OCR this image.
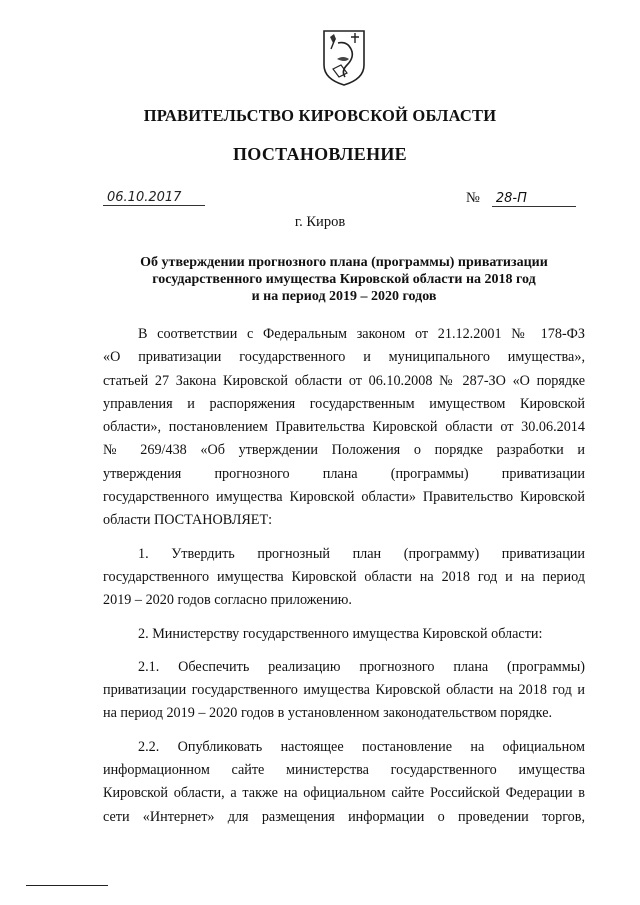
ПРАВИТЕЛЬСТВО КИРОВСКОЙ ОБЛАСТИ
ПОСТАНОВЛЕНИЕ
06.10.2017	№ 28-П
г. Киров
Об утверждении прогнозного плана (программы) приватизации
государственного имущества Кировской области на 2018 год
и на период 2019 – 2020 годов
В соответствии с Федеральным законом от 21.12.2001 № 178-ФЗ
«О приватизации государственного и муниципального имущества»,
статьей 27 Закона Кировской области от 06.10.2008 № 287-ЗО «О порядке
управления и распоряжения государственным имуществом Кировской
области», постановлением Правительства Кировской области от 30.06.2014
№ 269/438 «Об утверждении Положения о порядке разработки и
утверждения прогнозного плана (программы) приватизации
государственного имущества Кировской области» Правительство Кировской
области ПОСТАНОВЛЯЕТ:
1. Утвердить прогнозный план (программу) приватизации
государственного имущества Кировской области на 2018 год и на период
2019 – 2020 годов согласно приложению.
2. Министерству государственного имущества Кировской области:
2.1. Обеспечить реализацию прогнозного плана (программы)
приватизации государственного имущества Кировской области на 2018 год и
на период 2019 – 2020 годов в установленном законодательством порядке.
2.2. Опубликовать настоящее постановление на официальном
информационном сайте министерства государственного имущества
Кировской области, а также на официальном сайте Российской Федерации в
сети «Интернет» для размещения информации о проведении торгов,
